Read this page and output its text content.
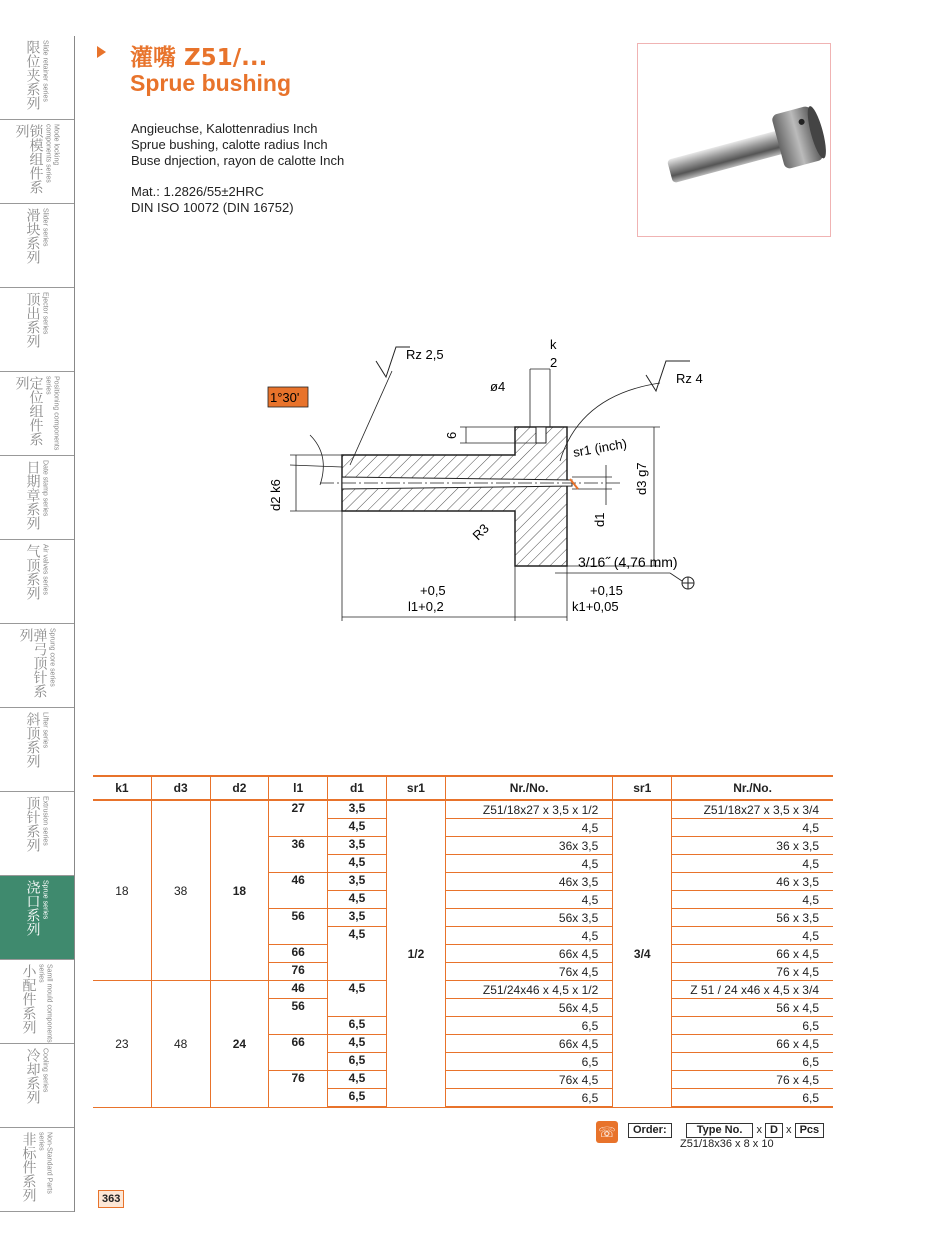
限位夹系列 Slide retainer series
锁模组件系列	Mode locking components series
滑块系列 Slider series
顶出系列 Ejector series
定位组件系列	Positioning components series
日期章系列 Date stamp series
气顶系列 Air valves series
弹弓顶针系列	Sprung core series
斜顶系列 Lifter series
顶针系列 Extrusion series
浇口系列 Sprue series
小配件系列	Samll mould components series
冷却系列 Cooling series
非标件系列	Non-Standard Parts series
363
灌嘴 Z51/...
Sprue bushing
Angieuchse, Kalottenradius Inch
Sprue bushing, calotte radius Inch
Buse dnjection, rayon de calotte Inch
Mat.: 1.2826/55±2HRC
DIN ISO 10072 (DIN 16752)
Rz 2,5
Rz 4
k
2
ø4
6
1°30'
sr1 (inch)
d2 k6
d3 g7
R3
d1
3/16˝ (4,76 mm)
+0,5
l1+0,2
+0,15
k1+0,05
k1	d3	d2	l1	d1	sr1	Nr./No.	sr1	Nr./No.
18	38	18	27	3,5	1/2	Z51/18x27 x 3,5 x 1/2	3/4	Z51/18x27 x 3,5 x 3/4
				4,5		4,5		4,5
			36	3,5		36x 3,5		36 x 3,5
				4,5		4,5		4,5
			46	3,5		46x 3,5		46 x 3,5
				4,5		4,5		4,5
			56	3,5		56x 3,5		56 x 3,5
				4,5		4,5		4,5
			66			66x 4,5		66 x 4,5
			76			76x 4,5		76 x 4,5
23	48	24	46	4,5		Z51/24x46 x 4,5 x 1/2		Z 51 / 24 x46 x 4,5 x 3/4
			56			56x 4,5		56 x 4,5
				6,5		6,5		6,5
			66	4,5		66x 4,5		66 x 4,5
				6,5		6,5		6,5
			76	4,5		76x 4,5		76 x 4,5
				6,5		6,5		6,5
☏	Order:	Type No. x D x Pcs
Z51/18x36 x 8 x 10
